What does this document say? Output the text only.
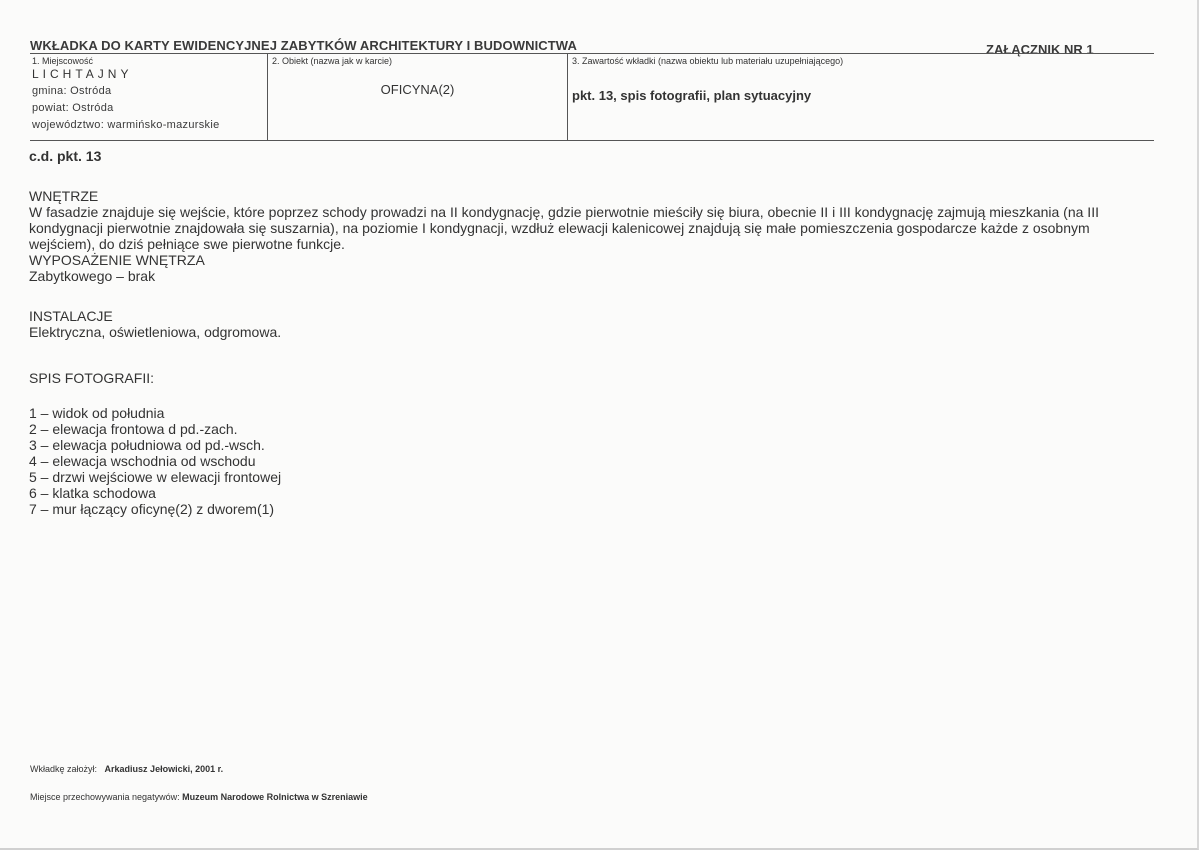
WKŁADKA DO KARTY EWIDENCYJNEJ ZABYTKÓW ARCHITEKTURY I BUDOWNICTWA	ZAŁĄCZNIK NR 1
1. Miejscowość
LICHTAJNY
gmina: Ostróda
powiat: Ostróda
województwo: warmińsko-mazurskie
2. Obiekt (nazwa jak w karcie)
OFICYNA(2)
3. Zawartość wkładki (nazwa obiektu lub materiału uzupełniającego)
pkt. 13, spis fotografii, plan sytuacyjny

c.d. pkt. 13

WNĘTRZE

W fasadzie znajduje się wejście, które poprzez schody prowadzi na II kondygnację, gdzie pierwotnie mieściły się biura, obecnie II i III kondygnację zajmują mieszkania (na III kondygnacji pierwotnie znajdowała się suszarnia), na poziomie I kondygnacji, wzdłuż elewacji kalenicowej znajdują się małe pomieszczenia gospodarcze każde z osobnym wejściem), do dziś pełniące swe pierwotne funkcje.

WYPOSAŻENIE WNĘTRZA

Zabytkowego – brak

INSTALACJE

Elektryczna, oświetleniowa, odgromowa.

SPIS FOTOGRAFII:

1 – widok od południa

2 – elewacja frontowa d pd.-zach.

3 – elewacja południowa od pd.-wsch.

4 – elewacja wschodnia od wschodu

5 – drzwi wejściowe w elewacji frontowej

6 – klatka schodowa

7 – mur łączący oficynę(2) z dworem(1)

Wkładkę założył: Arkadiusz Jełowicki, 2001 r.
Miejsce przechowywania negatywów: Muzeum Narodowe Rolnictwa w Szreniawie
